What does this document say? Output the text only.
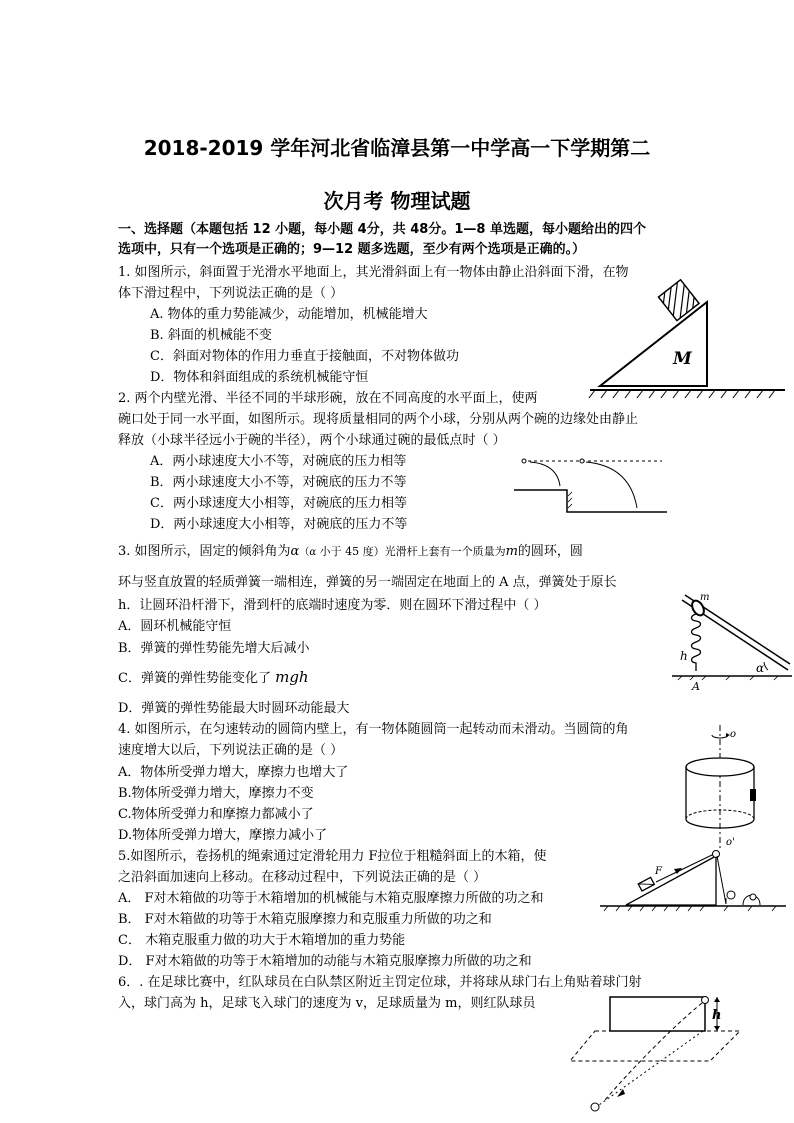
2018-2019 学年河北省临漳县第一中学高一下学期第二
次月考 物理试题
一、选择题（本题包括 12 小题，每小题 4分，共 48分。1—8 单选题，每小题给出的四个
选项中，只有一个选项是正确的；9—12 题多选题，至少有两个选项是正确的。）
1. 如图所示，斜面置于光滑水平地面上，其光滑斜面上有一物体由静止沿斜面下滑，在物
体下滑过程中，下列说法正确的是（ ）
A. 物体的重力势能减少，动能增加，机械能增大
B. 斜面的机械能不变
C．斜面对物体的作用力垂直于接触面，不对物体做功
D．物体和斜面组成的系统机械能守恒
M
2. 两个内壁光滑、半径不同的半球形碗，放在不同高度的水平面上，使两
碗口处于同一水平面，如图所示。现将质量相同的两个小球，分别从两个碗的边缘处由静止
释放（小球半径远小于碗的半径），两个小球通过碗的最低点时（ ）
A．两小球速度大小不等，对碗底的压力相等
B．两小球速度大小不等，对碗底的压力不等
C．两小球速度大小相等，对碗底的压力相等
D．两小球速度大小相等，对碗底的压力不等
3. 如图所示，固定的倾斜角为α（α 小于 45 度）光滑杆上套有一个质量为m的圆环，圆
环与竖直放置的轻质弹簧一端相连，弹簧的另一端固定在地面上的 A 点，弹簧处于原长
h．让圆环沿杆滑下，滑到杆的底端时速度为零．则在圆环下滑过程中（ ）
A．圆环机械能守恒
B．弹簧的弹性势能先增大后减小
C．弹簧的弹性势能变化了 mgh
D．弹簧的弹性势能最大时圆环动能最大
m
h
α
A
4. 如图所示，在匀速转动的圆筒内壁上，有一物体随圆筒一起转动而未滑动。当圆筒的角
速度增大以后，下列说法正确的是（ ）
A．物体所受弹力增大，摩擦力也增大了
B.物体所受弹力增大，摩擦力不变
C.物体所受弹力和摩擦力都减小了
D.物体所受弹力增大，摩擦力减小了
o
o'
5.如图所示，卷扬机的绳索通过定滑轮用力 F拉位于粗糙斜面上的木箱，使
之沿斜面加速向上移动。在移动过程中，下列说法正确的是（ ）
A． F对木箱做的功等于木箱增加的机械能与木箱克服摩擦力所做的功之和
B． F对木箱做的功等于木箱克服摩擦力和克服重力所做的功之和
C． 木箱克服重力做的功大于木箱增加的重力势能
D． F对木箱做的功等于木箱增加的动能与木箱克服摩擦力所做的功之和
F
6．. 在足球比赛中，红队球员在白队禁区附近主罚定位球，并将球从球门右上角贴着球门射
入，球门高为 h，足球飞入球门的速度为 v，足球质量为 m，则红队球员
h
